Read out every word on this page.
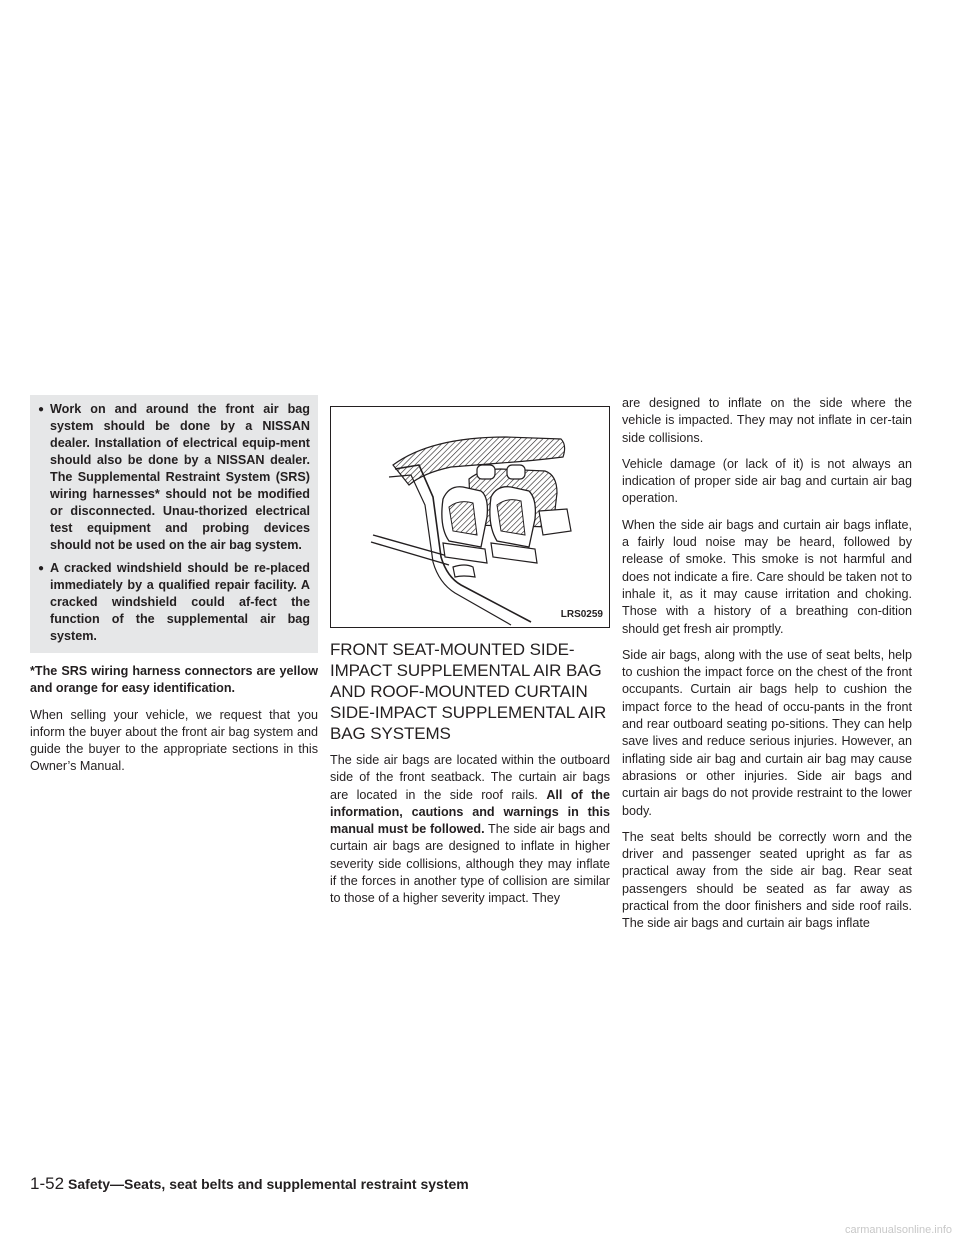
● Work on and around the front air bag system should be done by a NISSAN dealer. Installation of electrical equip-ment should also be done by a NISSAN dealer. The Supplemental Restraint System (SRS) wiring harnesses* should not be modified or disconnected. Unau-thorized electrical test equipment and probing devices should not be used on the air bag system.
● A cracked windshield should be re-placed immediately by a qualified repair facility. A cracked windshield could af-fect the function of the supplemental air bag system.

*The SRS wiring harness connectors are yellow and orange for easy identification.

When selling your vehicle, we request that you inform the buyer about the front air bag system and guide the buyer to the appropriate sections in this Owner’s Manual.

LRS0259
FRONT SEAT-MOUNTED SIDE-IMPACT SUPPLEMENTAL AIR BAG AND ROOF-MOUNTED CURTAIN SIDE-IMPACT SUPPLEMENTAL AIR BAG SYSTEMS

The side air bags are located within the outboard side of the front seatback. The curtain air bags are located in the side roof rails. All of the information, cautions and warnings in this manual must be followed. The side air bags and curtain air bags are designed to inflate in higher severity side collisions, although they may inflate if the forces in another type of collision are similar to those of a higher severity impact. They

are designed to inflate on the side where the vehicle is impacted. They may not inflate in cer-tain side collisions.

Vehicle damage (or lack of it) is not always an indication of proper side air bag and curtain air bag operation.

When the side air bags and curtain air bags inflate, a fairly loud noise may be heard, followed by release of smoke. This smoke is not harmful and does not indicate a fire. Care should be taken not to inhale it, as it may cause irritation and choking. Those with a history of a breathing con-dition should get fresh air promptly.

Side air bags, along with the use of seat belts, help to cushion the impact force on the chest of the front occupants. Curtain air bags help to cushion the impact force to the head of occu-pants in the front and rear outboard seating po-sitions. They can help save lives and reduce serious injuries. However, an inflating side air bag and curtain air bag may cause abrasions or other injuries. Side air bags and curtain air bags do not provide restraint to the lower body.

The seat belts should be correctly worn and the driver and passenger seated upright as far as practical away from the side air bag. Rear seat passengers should be seated as far away as practical from the door finishers and side roof rails. The side air bags and curtain air bags inflate

1-52 Safety—Seats, seat belts and supplemental restraint system
carmanualsonline.info
